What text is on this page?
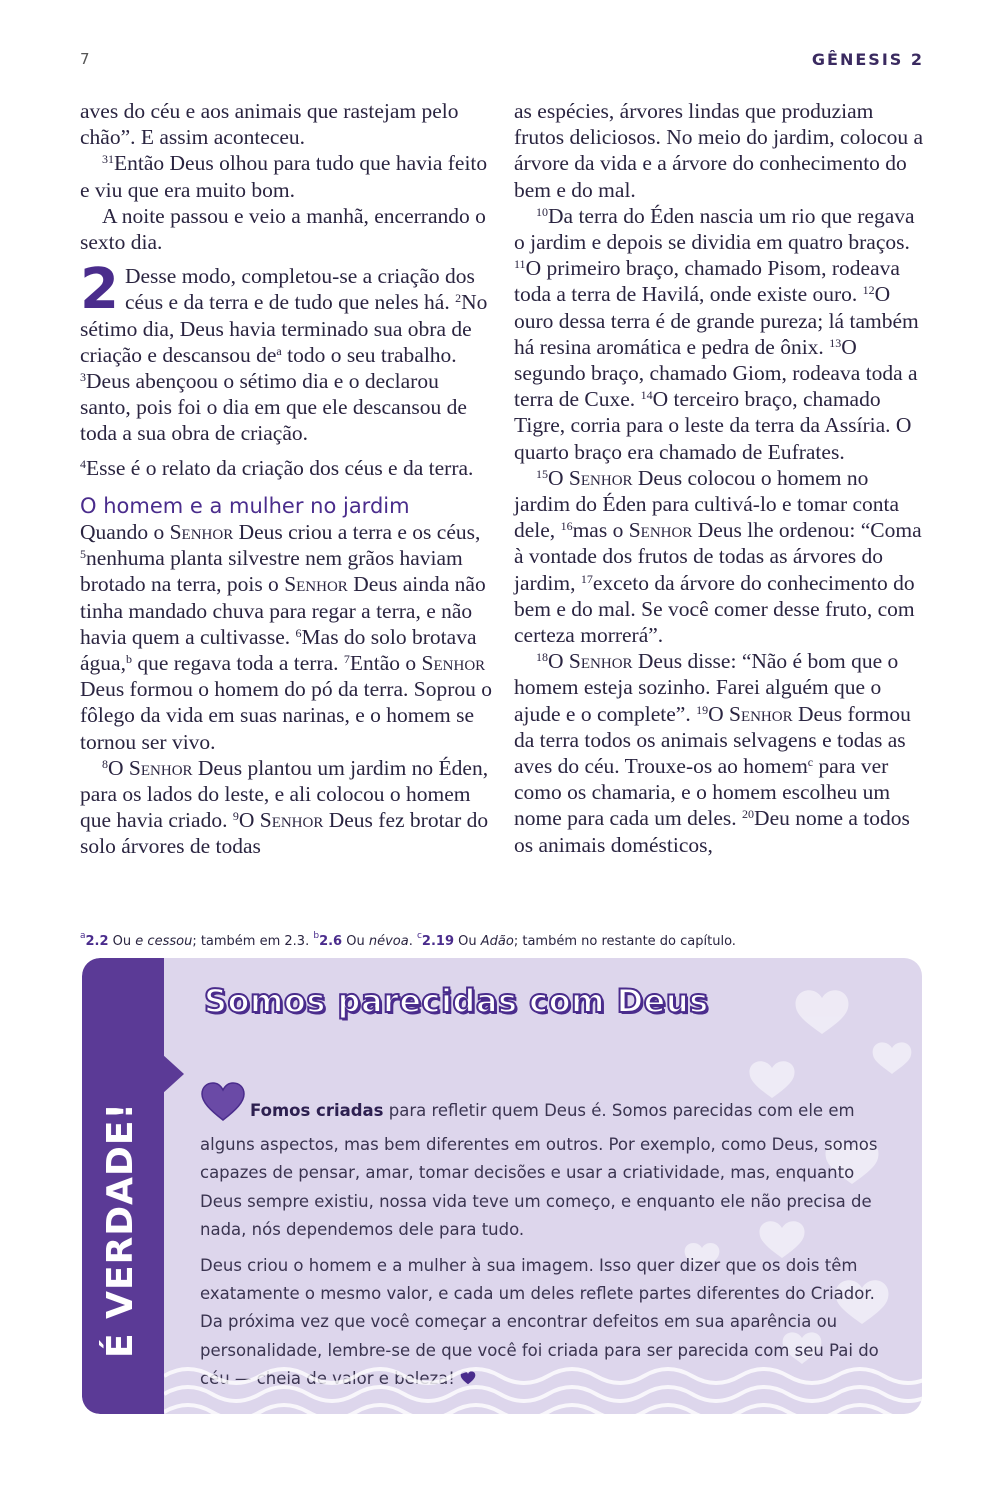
7	GÊNESIS 2

aves do céu e aos animais que rastejam pelo chão”. E assim aconteceu.

$^{31}$Então Deus olhou para tudo que havia feito e viu que era muito bom.

A noite passou e veio a manhã, encerrando o sexto dia.

2 Desse modo, completou-se a criação dos céus e da terra e de tudo que neles há. $^2$No sétimo dia, Deus havia terminado sua obra de criação e descansou $de^a$ todo o seu trabalho. $^3$Deus abençoou o sétimo dia e o declarou santo, pois foi o dia em que ele descansou de toda a sua obra de criação.

$^4$Esse é o relato da criação dos céus e da terra.

O homem e a mulher no jardim

Quando o Senhor Deus criou a terra e os céus, $^5$nenhuma planta silvestre nem grãos haviam brotado na terra, pois o Senhor Deus ainda não tinha mandado chuva para regar a terra, e não havia quem a cultivasse. $^6$Mas do solo brotava água,$^b$ que regava toda a terra. $^7$Então o Senhor Deus formou o homem do pó da terra. Soprou o fôlego da vida em suas narinas, e o homem se tornou ser vivo.

$^8$O Senhor Deus plantou um jardim no Éden, para os lados do leste, e ali colocou o homem que havia criado. $^9$O Senhor Deus fez brotar do solo árvores de todas

as espécies, árvores lindas que produziam frutos deliciosos. No meio do jardim, colocou a árvore da vida e a árvore do conhecimento do bem e do mal.

$^{10}$Da terra do Éden nascia um rio que regava o jardim e depois se dividia em quatro braços. $^{11}$O primeiro braço, chamado Pisom, rodeava toda a terra de Havilá, onde existe ouro. $^{12}$O ouro dessa terra é de grande pureza; lá também há resina aromática e pedra de ônix. $^{13}$O segundo braço, chamado Giom, rodeava toda a terra de Cuxe. $^{14}$O terceiro braço, chamado Tigre, corria para o leste da terra da Assíria. O quarto braço era chamado de Eufrates.

$^{15}$O Senhor Deus colocou o homem no jardim do Éden para cultivá-lo e tomar conta dele, $^{16}$mas o Senhor Deus lhe ordenou: “Coma à vontade dos frutos de todas as árvores do jardim, $^{17}$exceto da árvore do conhecimento do bem e do mal. Se você comer desse fruto, com certeza morrerá”.

$^{18}$O Senhor Deus disse: “Não é bom que o homem esteja sozinho. Farei alguém que o ajude e o complete”. $^{19}$O Senhor Deus formou da terra todos os animais selvagens e todas as aves do céu. Trouxe-os ao homem$^c$ para ver como os chamaria, e o homem escolheu um nome para cada um deles. $^{20}$Deu nome a todos os animais domésticos,

$^a$2.2 Ou e cessou; também em 2.3. $^b$2.6 Ou névoa. $^c$2.19 Ou Adão; também no restante do capítulo.
É VERDADE!
Somos parecidas com Deus

Fomos criadas para refletir quem Deus é. Somos parecidas com ele em alguns aspectos, mas bem diferentes em outros. Por exemplo, como Deus, somos capazes de pensar, amar, tomar decisões e usar a criatividade, mas, enquanto Deus sempre existiu, nossa vida teve um começo, e enquanto ele não precisa de nada, nós dependemos dele para tudo.

Deus criou o homem e a mulher à sua imagem. Isso quer dizer que os dois têm exatamente o mesmo valor, e cada um deles reflete partes diferentes do Criador. Da próxima vez que você começar a encontrar defeitos em sua aparência ou personalidade, lembre-se de que você foi criada para ser parecida com seu Pai do céu — cheia de valor e beleza!
